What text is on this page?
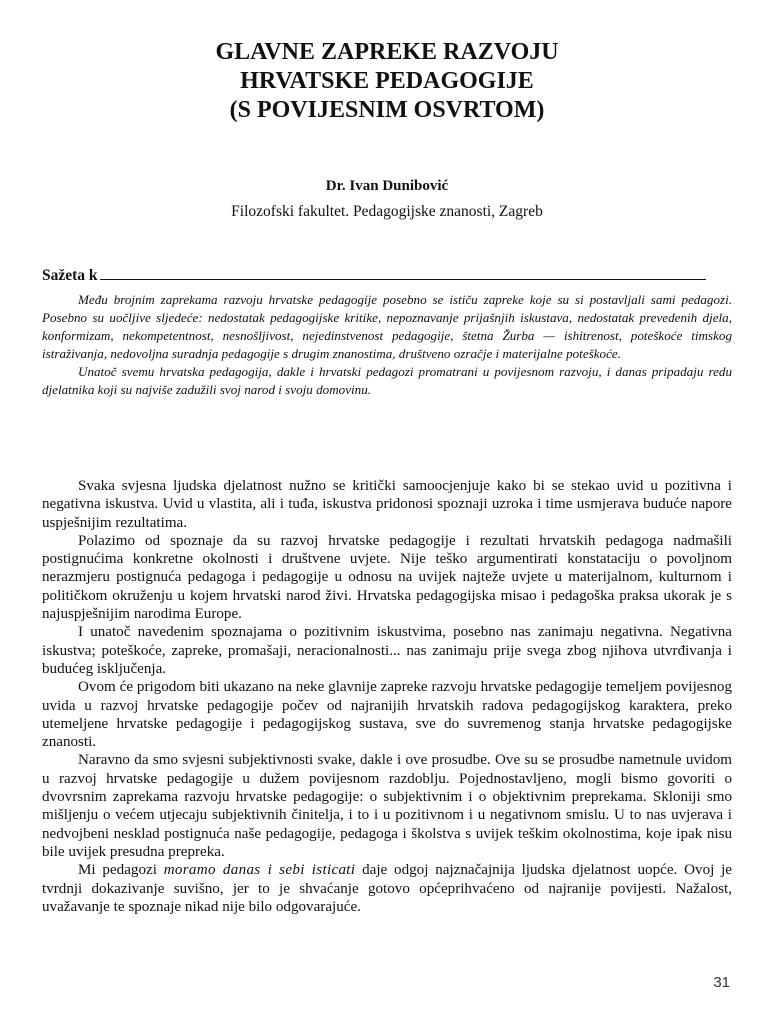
GLAVNE ZAPREKE RAZVOJU
HRVATSKE PEDAGOGIJE
(S POVIJESNIM OSVRTOM)
Dr. Ivan Dunibović
Filozofski fakultet. Pedagogijske znanosti, Zagreb
Sažeta k

Među brojnim zaprekama razvoju hrvatske pedagogije posebno se ističu zapreke koje su si postavljali sami pedagozi. Posebno su uočljive sljedeće: nedostatak pedagogijske kritike, nepoznavanje prijašnjih iskustava, nedostatak prevedenih djela, konformizam, nekompetentnost, nesnošljivost, nejedinstvenost pedagogije, štetna Žurba — ishitrenost, poteškoće timskog istraživanja, nedovoljna suradnja pedagogije s drugim znanostima, društveno ozračje i materijalne poteškoće.

Unatoč svemu hrvatska pedagogija, dakle i hrvatski pedagozi promatrani u povijesnom razvoju, i danas pripadaju redu djelatnika koji su najviše zadužili svoj narod i svoju domovinu.

Svaka svjesna ljudska djelatnost nužno se kritički samoocjenjuje kako bi se stekao uvid u pozitivna i negativna iskustva. Uvid u vlastita, ali i tuđa, iskustva pridonosi spoznaji uzroka i time usmjerava buduće napore uspješnijim rezultatima.

Polazimo od spoznaje da su razvoj hrvatske pedagogije i rezultati hrvatskih pedagoga nadmašili postignućima konkretne okolnosti i društvene uvjete. Nije teško argumentirati konstataciju o povoljnom nerazmjeru postignuća pedagoga i pedagogije u odnosu na uvijek najteže uvjete u materijalnom, kulturnom i političkom okruženju u kojem hrvatski narod živi. Hrvatska pedagogijska misao i pedagoška praksa ukorak je s najuspješnijim narodima Europe.

I unatoč navedenim spoznajama o pozitivnim iskustvima, posebno nas zanimaju negativna. Negativna iskustva; poteškoće, zapreke, promašaji, neracionalnosti... nas zanimaju prije svega zbog njihova utvrđivanja i budućeg isključenja.

Ovom će prigodom biti ukazano na neke glavnije zapreke razvoju hrvatske pedagogije temeljem povijesnog uvida u razvoj hrvatske pedagogije počev od najranijih hrvatskih radova pedagogijskog karaktera, preko utemeljene hrvatske pedagogije i pedagogijskog sustava, sve do suvremenog stanja hrvatske pedagogijske znanosti.

Naravno da smo svjesni subjektivnosti svake, dakle i ove prosudbe. Ove su se prosudbe nametnule uvidom u razvoj hrvatske pedagogije u dužem povijesnom razdoblju. Pojednostavljeno, mogli bismo govoriti o dvovrsnim zaprekama razvoju hrvatske pedagogije: o subjektivnim i o objektivnim preprekama. Skloniji smo mišljenju o većem utjecaju subjektivnih činitelja, i to i u pozitivnom i u negativnom smislu. U to nas uvjerava i nedvojbeni nesklad postignuća naše pedagogije, pedagoga i školstva s uvijek teškim okolnostima, koje ipak nisu bile uvijek presudna prepreka.

Mi pedagozi moramo danas i sebi isticati daje odgoj najznačajnija ljudska djelatnost uopće. Ovoj je tvrdnji dokazivanje suvišno, jer to je shvaćanje gotovo općeprihvaćeno od najranije povijesti. Nažalost, uvažavanje te spoznaje nikad nije bilo odgovarajuće.

31
